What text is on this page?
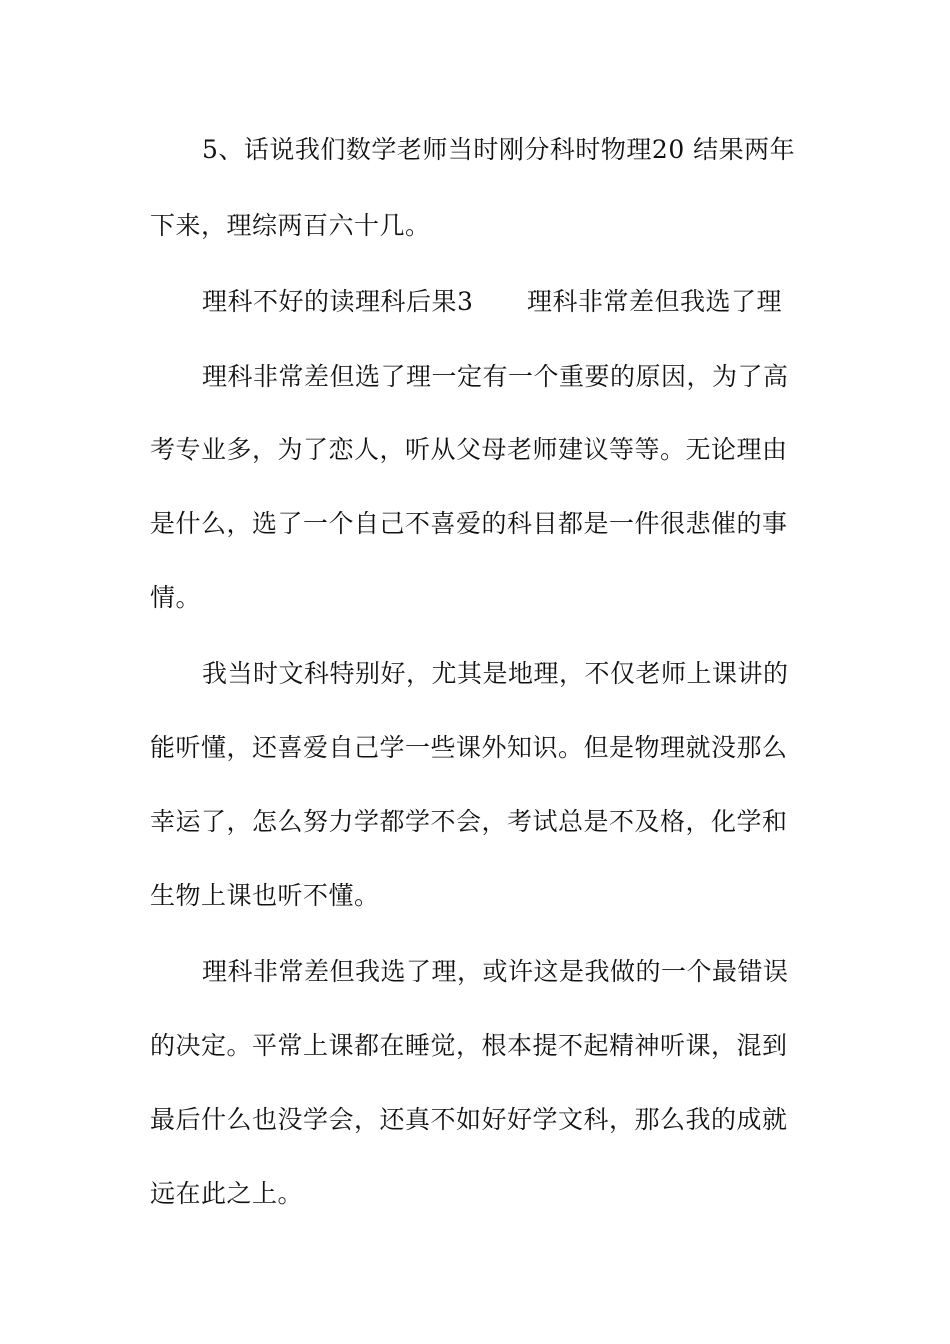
5、话说我们数学老师当时刚分科时物理20 结果两年
下来，理综两百六十几。
理科不好的读理科后果3 理科非常差但我选了理
理科非常差但选了理一定有一个重要的原因，为了高
考专业多，为了恋人，听从父母老师建议等等。无论理由
是什么，选了一个自己不喜爱的科目都是一件很悲催的事
情。
我当时文科特别好，尤其是地理，不仅老师上课讲的
能听懂，还喜爱自己学一些课外知识。但是物理就没那么
幸运了，怎么努力学都学不会，考试总是不及格，化学和
生物上课也听不懂。
理科非常差但我选了理，或许这是我做的一个最错误
的决定。平常上课都在睡觉，根本提不起精神听课，混到
最后什么也没学会，还真不如好好学文科，那么我的成就
远在此之上。
